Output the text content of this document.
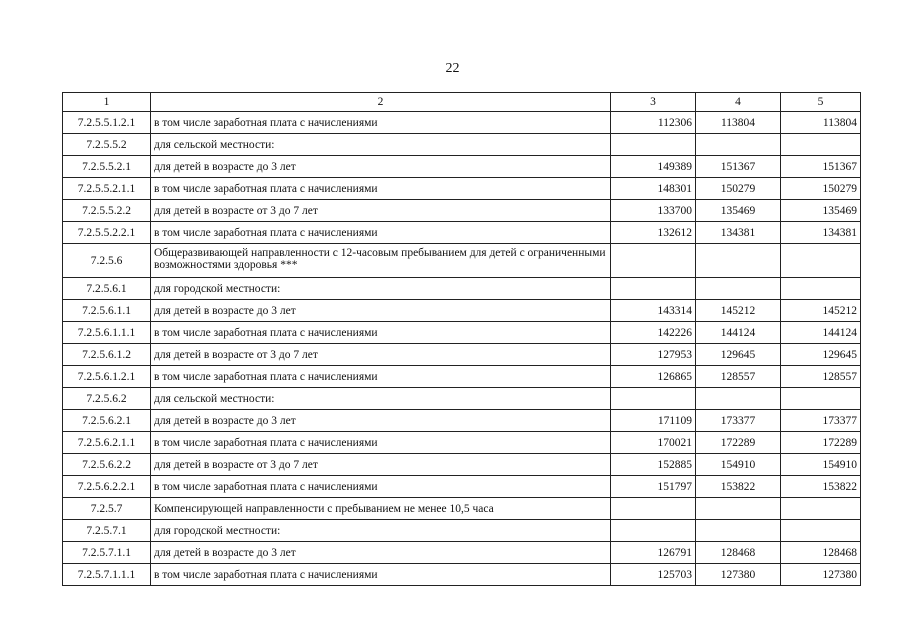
22
1	2	3	4	5
7.2.5.5.1.2.1	в том числе заработная плата с начислениями	112306	113804	113804
7.2.5.5.2	для сельской местности:			
7.2.5.5.2.1	для детей в возрасте до 3 лет	149389	151367	151367
7.2.5.5.2.1.1	в том числе заработная плата с начислениями	148301	150279	150279
7.2.5.5.2.2	для детей в возрасте от 3 до 7 лет	133700	135469	135469
7.2.5.5.2.2.1	в том числе заработная плата с начислениями	132612	134381	134381
7.2.5.6	Общеразвивающей направленности с 12-часовым пребыванием для детей с ограниченными возможностями здоровья ***			
7.2.5.6.1	для городской местности:			
7.2.5.6.1.1	для детей в возрасте до 3 лет	143314	145212	145212
7.2.5.6.1.1.1	в том числе заработная плата с начислениями	142226	144124	144124
7.2.5.6.1.2	для детей в возрасте от 3 до 7 лет	127953	129645	129645
7.2.5.6.1.2.1	в том числе заработная плата с начислениями	126865	128557	128557
7.2.5.6.2	для сельской местности:			
7.2.5.6.2.1	для детей в возрасте до 3 лет	171109	173377	173377
7.2.5.6.2.1.1	в том числе заработная плата с начислениями	170021	172289	172289
7.2.5.6.2.2	для детей в возрасте от 3 до 7 лет	152885	154910	154910
7.2.5.6.2.2.1	в том числе заработная плата с начислениями	151797	153822	153822
7.2.5.7	Компенсирующей направленности с пребыванием не менее 10,5 часа			
7.2.5.7.1	для городской местности:			
7.2.5.7.1.1	для детей в возрасте до 3 лет	126791	128468	128468
7.2.5.7.1.1.1	в том числе заработная плата с начислениями	125703	127380	127380
